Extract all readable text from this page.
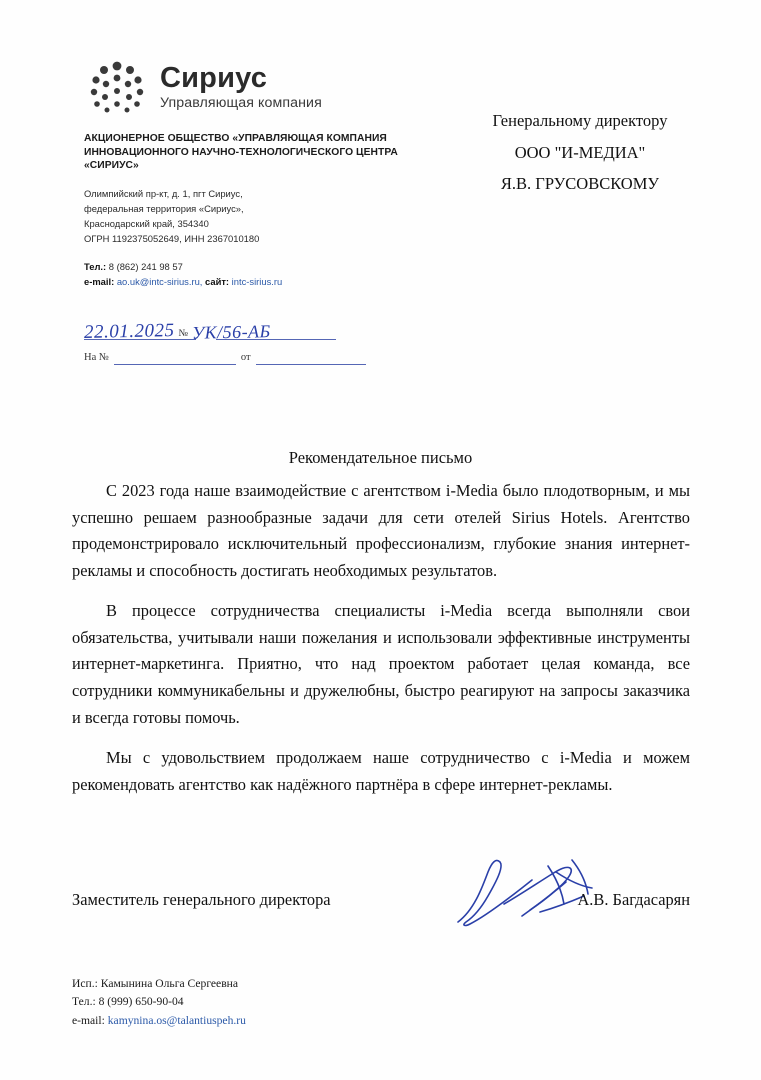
Сириус
Управляющая компания
АКЦИОНЕРНОЕ ОБЩЕСТВО «УПРАВЛЯЮЩАЯ КОМПАНИЯ ИННОВАЦИОННОГО НАУЧНО-ТЕХНОЛОГИЧЕСКОГО ЦЕНТРА «СИРИУС»
Олимпийский пр-кт, д. 1, пгт Сириус,
федеральная территория «Сириус»,
Краснодарский край, 354340
ОГРН 1192375052649, ИНН 2367010180
Тел.: 8 (862) 241 98 57
e-mail: ao.uk@intc-sirius.ru, сайт: intc-sirius.ru
22.01.2025 № УК/56-АБ
На №	от
Генеральному директору
ООО "И-МЕДИА"
Я.В. ГРУСОВСКОМУ
Рекомендательное письмо

С 2023 года наше взаимодействие с агентством i-Media было плодотворным, и мы успешно решаем разнообразные задачи для сети отелей Sirius Hotels. Агентство продемонстрировало исключительный профессионализм, глубокие знания интернет-рекламы и способность достигать необходимых результатов.

В процессе сотрудничества специалисты i-Media всегда выполняли свои обязательства, учитывали наши пожелания и использовали эффективные инструменты интернет-маркетинга. Приятно, что над проектом работает целая команда, все сотрудники коммуникабельны и дружелюбны, быстро реагируют на запросы заказчика и всегда готовы помочь.

Мы с удовольствием продолжаем наше сотрудничество с i-Media и можем рекомендовать агентство как надёжного партнёра в сфере интернет-рекламы.

Заместитель генерального директора	А.В. Багдасарян
Исп.: Камынина Ольга Сергеевна
Тел.: 8 (999) 650-90-04
e-mail: kamynina.os@talantiuspeh.ru
